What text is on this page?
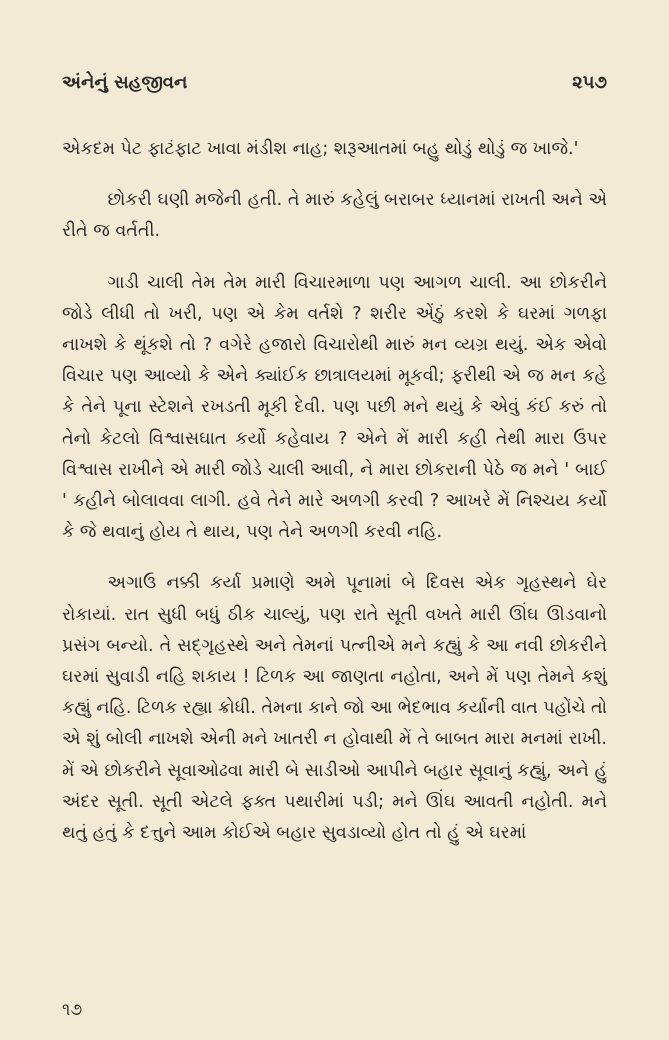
અંનેનું સહજીવન	૨૫૭

એકદમ પેટ ફાટંફાટ ખાવા મંડીશ નાહ; શરૂઆતમાં બહુ થોડું થોડું જ ખાજે.'

છોકરી ઘણી મજેની હતી. તે મારું કહેલું બરાબર ધ્યાનમાં રાખતી અને એ રીતે જ વર્તતી.

ગાડી ચાલી તેમ તેમ મારી વિચારમાળા પણ આગળ ચાલી. આ છોકરીને જોડે લીધી તો ખરી, પણ એ કેમ વર્તશે ? શરીર એંઠું કરશે કે ઘરમાં ગળફા નાખશે કે થૂંકશે તો ? વગેરે હજારો વિચારોથી મારું મન વ્યગ્ર થયું. એક એવો વિચાર પણ આવ્યો કે એને ક્યાંઈક છાત્રાલયમાં મૂકવી; ફરીથી એ જ મન કહે કે તેને પૂના સ્ટેશને રખડતી મૂકી દેવી. પણ પછી મને થયું કે એવું કંઈ કરું તો તેનો કેટલો વિશ્વાસઘાત કર્યો કહેવાય ? એને મેં મારી કહી તેથી મારા ઉપર વિશ્વાસ રાખીને એ મારી જોડે ચાલી આવી, ને મારા છોકરાની પેઠે જ મને ' બાઈ ' કહીને બોલાવવા લાગી. હવે તેને મારે અળગી કરવી ? આખરે મેં નિશ્ચય કર્યો કે જે થવાનું હોય તે થાય, પણ તેને અળગી કરવી નહિ.

અગાઉ નક્કી કર્યા પ્રમાણે અમે પૂનામાં બે દિવસ એક ગૃહસ્થને ઘેર રોકાયાં. રાત સુધી બધું ઠીક ચાલ્યું, પણ રાતે સૂતી વખતે મારી ઊંઘ ઊડવાનો પ્રસંગ બન્યો. તે સદ્‌ગૃહસ્થે અને તેમનાં પત્નીએ મને કહ્યું કે આ નવી છોકરીને ઘરમાં સુવાડી નહિ શકાય ! ટિળક આ જાણતા નહોતા, અને મેં પણ તેમને કશું કહ્યું નહિ. ટિળક રહ્યા ક્રોધી. તેમના કાને જો આ ભેદભાવ કર્યાની વાત પહોંચે તો એ શું બોલી નાખશે એની મને ખાતરી ન હોવાથી મેં તે બાબત મારા મનમાં રાખી. મેં એ છોકરીને સૂવાઓઢવા મારી બે સાડીઓ આપીને બહાર સૂવાનું કહ્યું, અને હું અંદર સૂતી. સૂતી એટલે ફક્ત પથારીમાં પડી; મને ઊંઘ આવતી નહોતી. મને થતું હતું કે દત્તુને આમ કોઈએ બહાર સુવડાવ્યો હોત તો હું એ ઘરમાં

૧૭
